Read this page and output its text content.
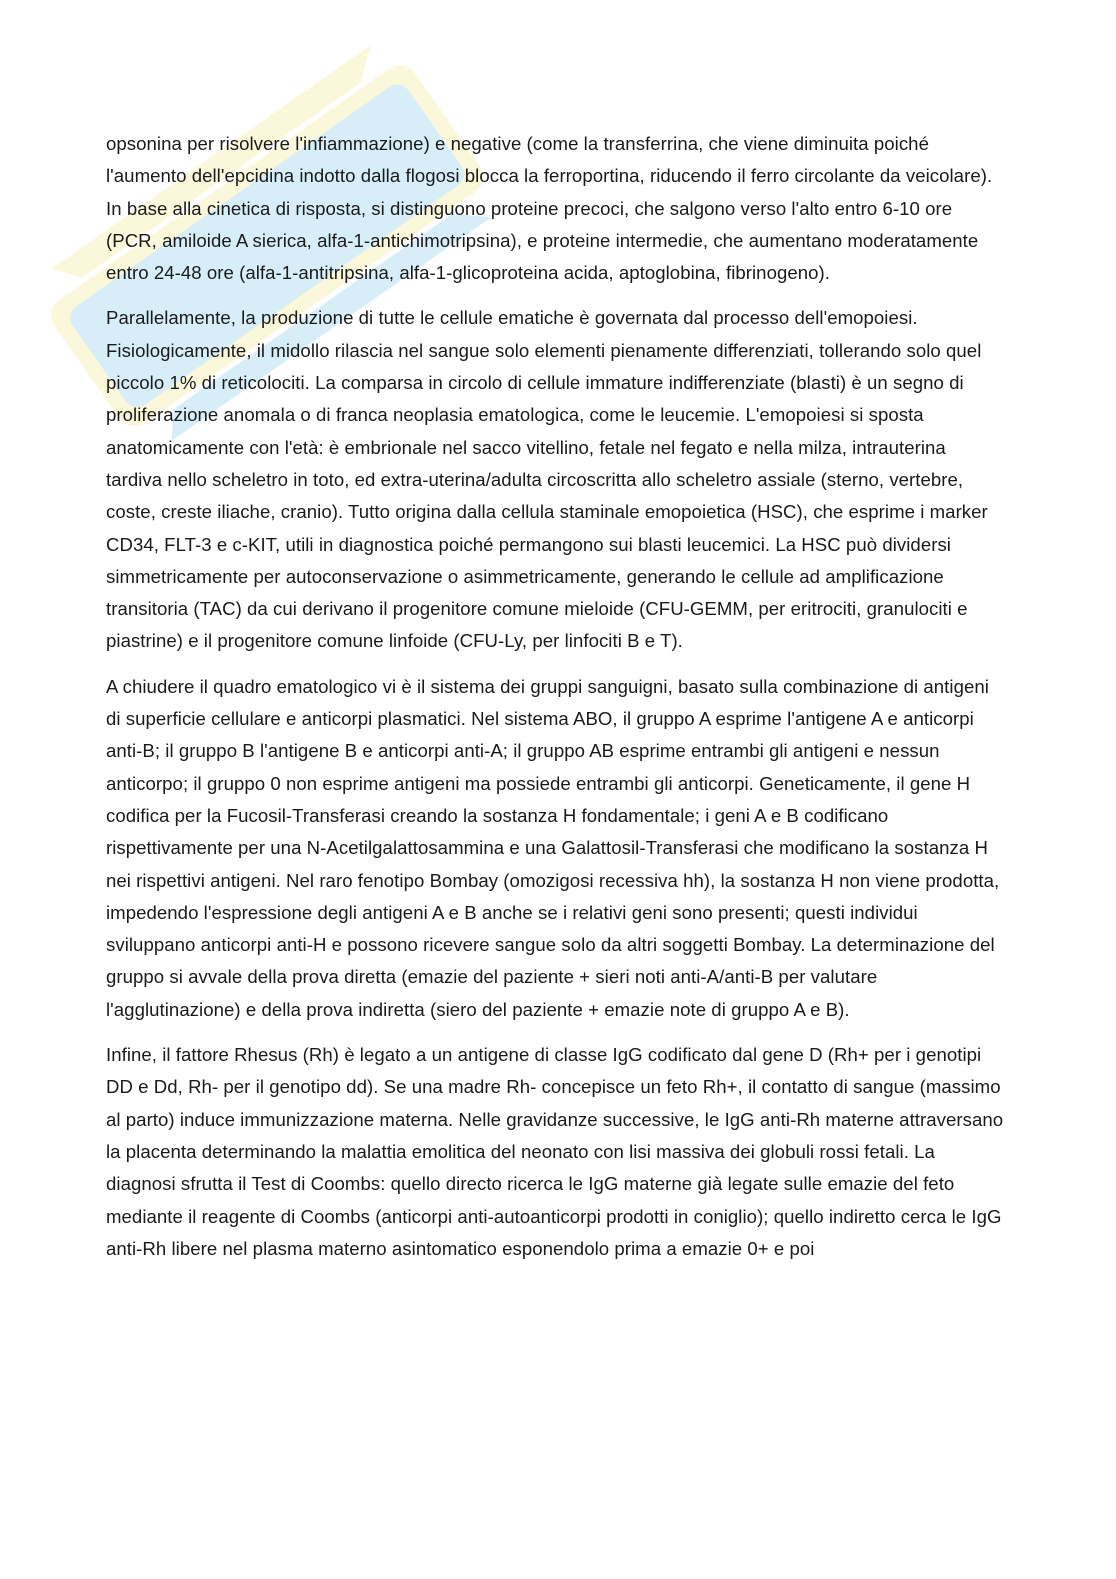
opsonina per risolvere l'infiammazione) e negative (come la transferrina, che viene diminuita poiché l'aumento dell'epcidina indotto dalla flogosi blocca la ferroportina, riducendo il ferro circolante da veicolare). In base alla cinetica di risposta, si distinguono proteine precoci, che salgono verso l'alto entro 6-10 ore (PCR, amiloide A sierica, alfa-1-antichimotripsina), e proteine intermedie, che aumentano moderatamente entro 24-48 ore (alfa-1-antitripsina, alfa-1-glicoproteina acida, aptoglobina, fibrinogeno).

Parallelamente, la produzione di tutte le cellule ematiche è governata dal processo dell'emopoiesi. Fisiologicamente, il midollo rilascia nel sangue solo elementi pienamente differenziati, tollerando solo quel piccolo 1% di reticolociti. La comparsa in circolo di cellule immature indifferenziate (blasti) è un segno di proliferazione anomala o di franca neoplasia ematologica, come le leucemie. L'emopoiesi si sposta anatomicamente con l'età: è embrionale nel sacco vitellino, fetale nel fegato e nella milza, intrauterina tardiva nello scheletro in toto, ed extra-uterina/adulta circoscritta allo scheletro assiale (sterno, vertebre, coste, creste iliache, cranio). Tutto origina dalla cellula staminale emopoietica (HSC), che esprime i marker CD34, FLT-3 e c-KIT, utili in diagnostica poiché permangono sui blasti leucemici. La HSC può dividersi simmetricamente per autoconservazione o asimmetricamente, generando le cellule ad amplificazione transitoria (TAC) da cui derivano il progenitore comune mieloide (CFU-GEMM, per eritrociti, granulociti e piastrine) e il progenitore comune linfoide (CFU-Ly, per linfociti B e T).

A chiudere il quadro ematologico vi è il sistema dei gruppi sanguigni, basato sulla combinazione di antigeni di superficie cellulare e anticorpi plasmatici. Nel sistema ABO, il gruppo A esprime l'antigene A e anticorpi anti-B; il gruppo B l'antigene B e anticorpi anti-A; il gruppo AB esprime entrambi gli antigeni e nessun anticorpo; il gruppo 0 non esprime antigeni ma possiede entrambi gli anticorpi. Geneticamente, il gene H codifica per la Fucosil-Transferasi creando la sostanza H fondamentale; i geni A e B codificano rispettivamente per una N-Acetilgalattosammina e una Galattosil-Transferasi che modificano la sostanza H nei rispettivi antigeni. Nel raro fenotipo Bombay (omozigosi recessiva hh), la sostanza H non viene prodotta, impedendo l'espressione degli antigeni A e B anche se i relativi geni sono presenti; questi individui sviluppano anticorpi anti-H e possono ricevere sangue solo da altri soggetti Bombay. La determinazione del gruppo si avvale della prova diretta (emazie del paziente + sieri noti anti-A/anti-B per valutare l'agglutinazione) e della prova indiretta (siero del paziente + emazie note di gruppo A e B).

Infine, il fattore Rhesus (Rh) è legato a un antigene di classe IgG codificato dal gene D (Rh+ per i genotipi DD e Dd, Rh- per il genotipo dd). Se una madre Rh- concepisce un feto Rh+, il contatto di sangue (massimo al parto) induce immunizzazione materna. Nelle gravidanze successive, le IgG anti-Rh materne attraversano la placenta determinando la malattia emolitica del neonato con lisi massiva dei globuli rossi fetali. La diagnosi sfrutta il Test di Coombs: quello directo ricerca le IgG materne già legate sulle emazie del feto mediante il reagente di Coombs (anticorpi anti-autoanticorpi prodotti in coniglio); quello indiretto cerca le IgG anti-Rh libere nel plasma materno asintomatico esponendolo prima a emazie 0+ e poi
